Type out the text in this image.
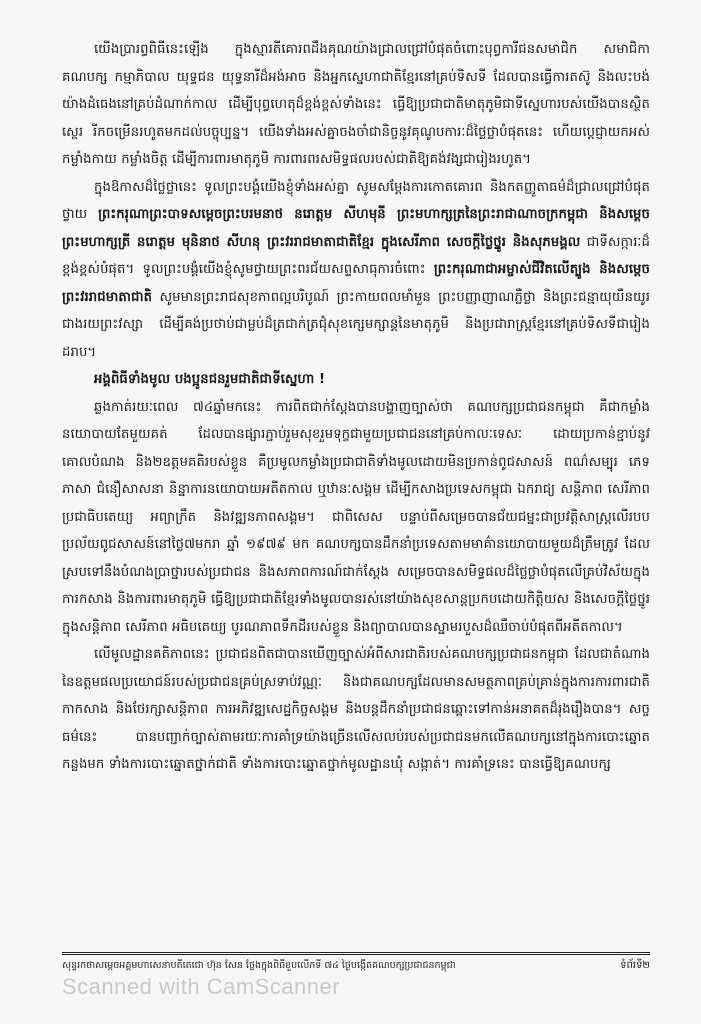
យើងប្រារព្ធពិធីនេះឡើង ក្នុងស្មារតីគោរពដឹងគុណយ៉ាងជ្រាលជ្រៅបំផុតចំពោះបុព្វការីជនសមាជិក សមាជិកាគណបក្ស កម្មាភិបាល យុទ្ធជន យុទ្ធនារីដ៏អង់អាច និងអ្នកស្នេហាជាតិខ្មែរនៅគ្រប់ទិសទី ដែលបានធ្វើការតស៊ូ និងលះបង់យ៉ាងដំធេងនៅគ្រប់ដំណាក់កាល ដើម្បីបុព្វហេតុដ៏ខ្ពង់ខ្ពស់ទាំងនេះ ធ្វើឱ្យប្រជាជាតិមាតុភូមិជាទីស្នេហារបស់យើងបានស្ថិតស្ថេរ រីកចម្រើនរហូតមកដល់បច្ចុប្បន្ន។ យើងទាំងអស់គ្នាចងចាំជានិច្ចនូវគុណូបការៈដ៏ថ្លៃថ្លាបំផុតនេះ ហើយប្តេជ្ញាយកអស់កម្លាំងកាយ កម្លាំងចិត្ត ដើម្បីការពារមាតុភូមិ ការពារពរសមិទ្ធផលរបស់ជាតិឱ្យគង់វង្សជារៀងរហូត។

ក្នុងឱកាសដ៏ថ្លៃថ្លានេះ ទូលព្រះបង្គំយើងខ្ញុំទាំងអស់គ្នា សូមសម្តែងការកោតគោរព និងកតញ្ញូតាធម៌ដ៏ជ្រាលជ្រៅបំផុត ថ្វាយ ព្រះករុណាព្រះបាទសម្តេចព្រះបរមនាថ នរោត្តម សីហមុនី ព្រះមហាក្សត្រនៃព្រះរាជាណាចក្រកម្ពុជា និងសម្តេចព្រះមហាក្សត្រី នរោត្តម មុនិនាថ សីហនុ ព្រះវររាជមាតាជាតិខ្មែរ ក្នុងសេរីភាព សេចក្តីថ្លៃថ្នូរ និងសុភមង្គល ជាទីសក្ការៈដ៏ខ្ពង់ខ្ពស់បំផុត។ ទូលព្រះបង្គំយើងខ្ញុំសូមថ្វាយព្រះពរជ័យសព្ទសាធុការចំពោះ ព្រះករុណាជាអម្ចាស់ជីវិតលើត្បូង និងសម្តេចព្រះវររាជមាតាជាតិ សូមមានព្រះរាជសុខភាពល្អបរិបូណ៍ ព្រះកាយពលមាំមួន ព្រះបញ្ញាញាណភ្លឺថ្លា និងព្រះជន្មាយុយឺនយូរជាងរយព្រះវស្សា ដើម្បីគង់ប្រថាប់ជាម្លប់ដ៏ត្រជាក់ត្រជុំសុខក្សេមក្សាន្តនៃមាតុភូមិ និងប្រជារាស្ត្រខ្មែរនៅគ្រប់ទិសទីជារៀងដរាប។

អង្គពិធីទាំងមូល បងប្អូនជនរួមជាតិជាទីស្នេហា !

ឆ្លងកាត់រយៈពេល ៧៤ឆ្នាំមកនេះ ការពិតជាក់ស្តែងបានបង្ហាញច្បាស់ថា គណបក្សប្រជាជនកម្ពុជា គឺជាកម្លាំងនយោបាយតែមួយគត់ ដែលបានផ្សារភ្ជាប់រួមសុខរួមទុក្ខជាមួយប្រជាជននៅគ្រប់កាលៈទេសៈ ដោយប្រកាន់ខ្ជាប់នូវគោលបំណង និង២ឧត្តមគតិរបស់ខ្លួន គឺប្រមូលកម្លាំងប្រជាជាតិទាំងមូលដោយមិនប្រកាន់ពូជសាសន៍ ពណ៌សម្បុរ ភេទ ភាសា ជំនឿសាសនា និន្នាការនយោបាយអតីតកាល ឬឋានៈសង្គម ដើម្បីកសាងប្រទេសកម្ពុជា ឯករាជ្យ សន្តិភាព សេរីភាព ប្រជាធិបតេយ្យ អព្យាក្រឹត និងវឌ្ឍនភាពសង្គម។ ជាពិសេស បន្ទាប់ពីសម្រេចបានជ័យជម្នះជាប្រវត្តិសាស្ត្រលើរបបប្រល័យពូជសាសន៍នៅថ្ងៃ៧មករា ឆ្នាំ ១៩៧៩ មក គណបក្សបានដឹកនាំប្រទេសតាមមាគ៌ានយោបាយមួយដ៏ត្រឹមត្រូវ ដែលស្របទៅនឹងបំណងប្រាថ្នារបស់ប្រជាជន និងសភាពការណ៍ជាក់ស្តែង សម្រេចបានសមិទ្ធផលដ៏ថ្លៃថ្លាបំផុតលើគ្រប់វិស័យក្នុងការកសាង និងការពារមាតុភូមិ ធ្វើឱ្យប្រជាជាតិខ្មែរទាំងមូលបានរស់នៅយ៉ាងសុខសាន្តប្រកបដោយកិត្តិយស និងសេចក្តីថ្លៃថ្នូរក្នុងសន្តិភាព សេរីភាព អធិបតេយ្យ បូរណភាពទឹកដីរបស់ខ្លួន និងព្យាបាលបានស្នាមរបួសដ៏ឈឺចាប់បំផុតពីអតីតកាល។

លើមូលដ្ឋានគតិភាពនេះ ប្រជាជនពិតជាបានឃើញច្បាស់អំពីសារជាតិរបស់គណបក្សប្រជាជនកម្ពុជា ដែលជាតំណាងនៃឧត្តមផលប្រយោជន៍របស់ប្រជាជនគ្រប់ស្រទាប់វណ្ណៈ និងជាគណបក្សដែលមានសមត្ថភាពគ្រប់គ្រាន់ក្នុងការការពារជាតិ កាកសាង និងថែរក្សាសន្តិភាព ការអភិវឌ្ឍសេដ្ឋកិច្ចសង្គម និងបន្តដឹកនាំប្រជាជនឆ្ពោះទៅកាន់អនាគតដ៏រុងរឿងបាន។ សច្ចធម៌នេះ បានបញ្ជាក់ច្បាស់តាមរយៈការគាំទ្រយ៉ាងច្រើនលើសលប់របស់ប្រជាជនមកលើគណបក្សនៅក្នុងការបោះឆ្នោតកន្លងមក ទាំងការបោះឆ្នោតថ្នាក់ជាតិ ទាំងការបោះឆ្នោតថ្នាក់មូលដ្ឋានឃុំ សង្កាត់។ ការគាំទ្រនេះ បានធ្វើឱ្យគណបក្ស

សុន្ទរកថាសម្តេចអគ្គមហាសេនាបតីតេជោ ហ៊ុន សែន ថ្លែងក្នុងពិធីខួបលើកទី ៧៤ ថ្ងៃបង្កើតគណបក្សប្រជាជនកម្ពុជា	ទំព័រទី២
Scanned with CamScanner
